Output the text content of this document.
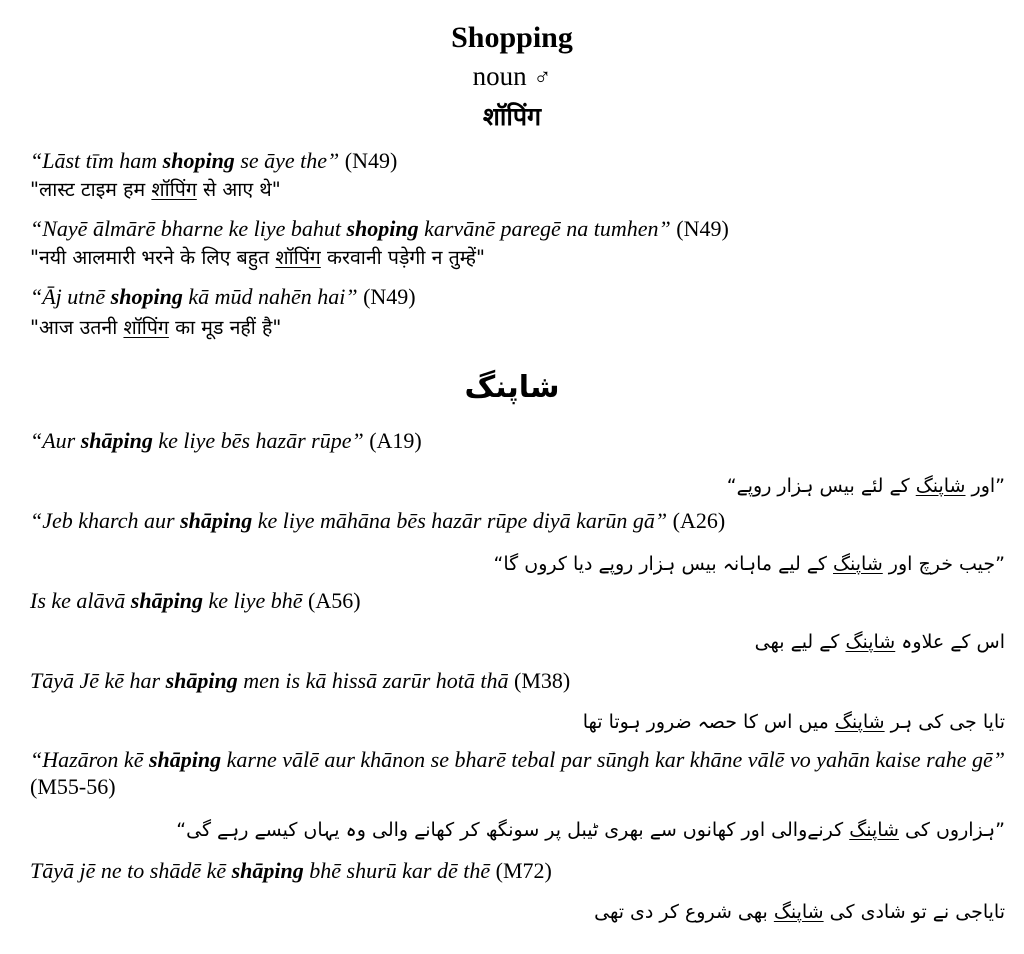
Shopping
noun ♂
शॉपिंग
“Lāst tīm ham shoping se āye the” (N49)
"लास्ट टाइम हम शॉपिंग से आए थे"
“Nayē ālmārē bharne ke liye bahut shoping karvānē paregē na tumhen” (N49)
"नयी आलमारी भरने के लिए बहुत शॉपिंग करवानी पड़ेगी न तुम्हें"
“Āj utnē shoping kā mūd nahēn hai” (N49)
"आज उतनी शॉपिंग का मूड नहीं है"
شاپنگ
“Aur shāping ke liye bēs hazār rūpe” (A19)
”اور شاپنگ کے لئے بیس ہزار روپے“
“Jeb kharch aur shāping ke liye māhāna bēs hazār rūpe diyā karūn gā” (A26)
”جیب خرچ اور شاپنگ کے لیے ماہانہ بیس ہزار روپے دیا کروں گا“
Is ke alāvā shāping ke liye bhē (A56)
اس کے علاوہ شاپنگ کے لیے بھی
Tāyā Jē kē har shāping men is kā hissā zarūr hotā thā (M38)
تایا جی کی ہر شاپنگ میں اس کا حصہ ضرور ہوتا تھا
“Hazāron kē shāping karne vālē aur khānon se bharē tebal par sūngh kar khāne vālē vo yahān kaise rahe gē” (M55-56)
”ہزاروں کی شاپنگ کرنےوالی اور کھانوں سے بھری ٹیبل پر سونگھ کر کھانے والی وہ یہاں کیسے رہے گی“
Tāyā jē ne to shādē kē shāping bhē shurū kar dē thē (M72)
تایاجی نے تو شادی کی شاپنگ بھی شروع کر دی تھی
